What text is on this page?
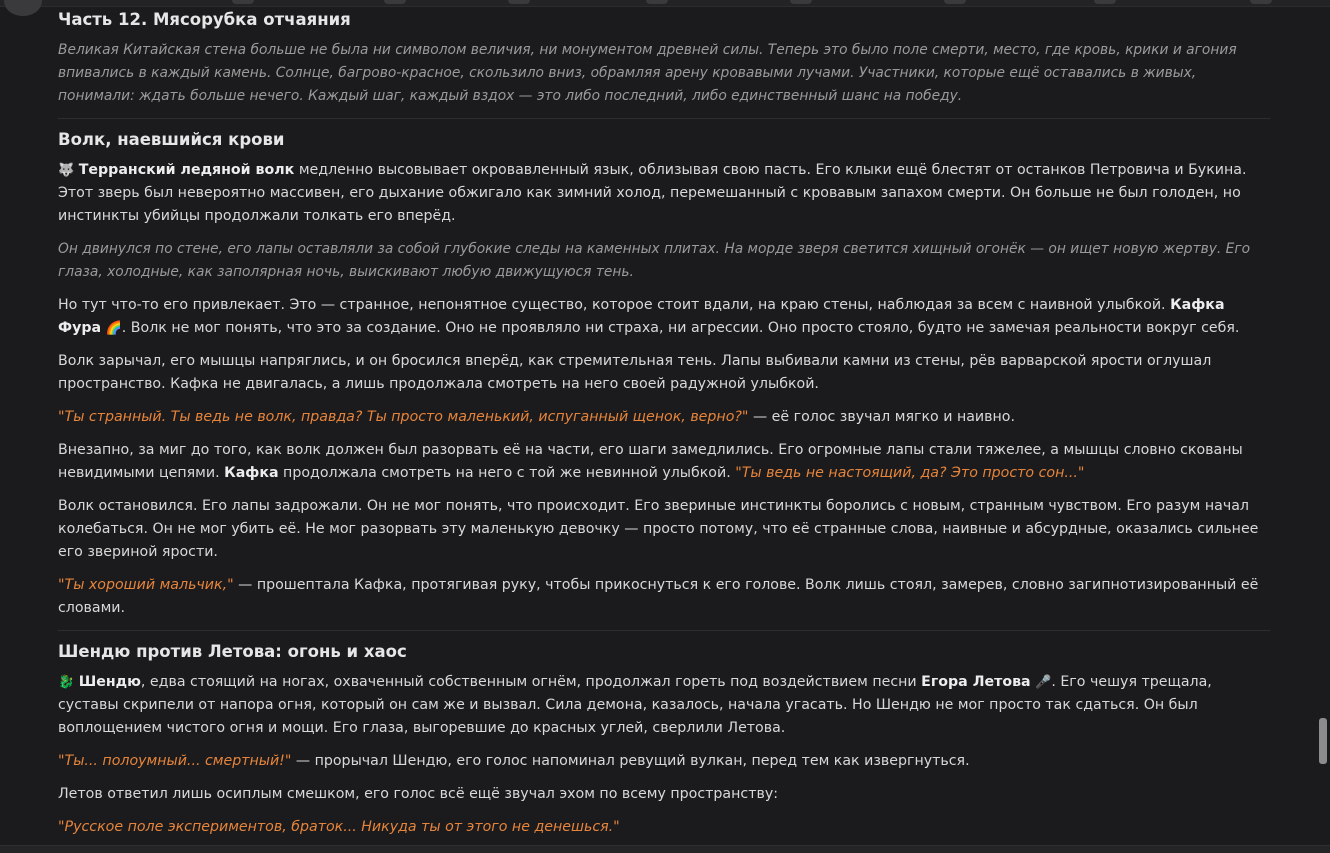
Часть 12. Мясорубка отчаяния

Великая Китайская стена больше не была ни символом величия, ни монументом древней силы. Теперь это было поле смерти, место, где кровь, крики и агония впивались в каждый камень. Солнце, багрово-красное, скользило вниз, обрамляя арену кровавыми лучами. Участники, которые ещё оставались в живых, понимали: ждать больше нечего. Каждый шаг, каждый вздох — это либо последний, либо единственный шанс на победу.

Волк, наевшийся крови

🐺 Терранский ледяной волк медленно высовывает окровавленный язык, облизывая свою пасть. Его клыки ещё блестят от останков Петровича и Букина. Этот зверь был невероятно массивен, его дыхание обжигало как зимний холод, перемешанный с кровавым запахом смерти. Он больше не был голоден, но инстинкты убийцы продолжали толкать его вперёд.

Он двинулся по стене, его лапы оставляли за собой глубокие следы на каменных плитах. На морде зверя светится хищный огонёк — он ищет новую жертву. Его глаза, холодные, как заполярная ночь, выискивают любую движущуюся тень.

Но тут что-то его привлекает. Это — странное, непонятное существо, которое стоит вдали, на краю стены, наблюдая за всем с наивной улыбкой. Кафка Фура 🌈. Волк не мог понять, что это за создание. Оно не проявляло ни страха, ни агрессии. Оно просто стояло, будто не замечая реальности вокруг себя.

Волк зарычал, его мышцы напряглись, и он бросился вперёд, как стремительная тень. Лапы выбивали камни из стены, рёв варварской ярости оглушал пространство. Кафка не двигалась, а лишь продолжала смотреть на него своей радужной улыбкой.

"Ты странный. Ты ведь не волк, правда? Ты просто маленький, испуганный щенок, верно?" — её голос звучал мягко и наивно.

Внезапно, за миг до того, как волк должен был разорвать её на части, его шаги замедлились. Его огромные лапы стали тяжелее, а мышцы словно скованы невидимыми цепями. Кафка продолжала смотреть на него с той же невинной улыбкой. "Ты ведь не настоящий, да? Это просто сон..."

Волк остановился. Его лапы задрожали. Он не мог понять, что происходит. Его звериные инстинкты боролись с новым, странным чувством. Его разум начал колебаться. Он не мог убить её. Не мог разорвать эту маленькую девочку — просто потому, что её странные слова, наивные и абсурдные, оказались сильнее его звериной ярости.

"Ты хороший мальчик," — прошептала Кафка, протягивая руку, чтобы прикоснуться к его голове. Волк лишь стоял, замерев, словно загипнотизированный её словами.

Шендю против Летова: огонь и хаос

🐉 Шендю, едва стоящий на ногах, охваченный собственным огнём, продолжал гореть под воздействием песни Егора Летова 🎤. Его чешуя трещала, суставы скрипели от напора огня, который он сам же и вызвал. Сила демона, казалось, начала угасать. Но Шендю не мог просто так сдаться. Он был воплощением чистого огня и мощи. Его глаза, выгоревшие до красных углей, сверлили Летова.

"Ты... полоумный... смертный!" — прорычал Шендю, его голос напоминал ревущий вулкан, перед тем как извергнуться.

Летов ответил лишь осиплым смешком, его голос всё ещё звучал эхом по всему пространству:

"Русское поле экспериментов, браток... Никуда ты от этого не денешься."
